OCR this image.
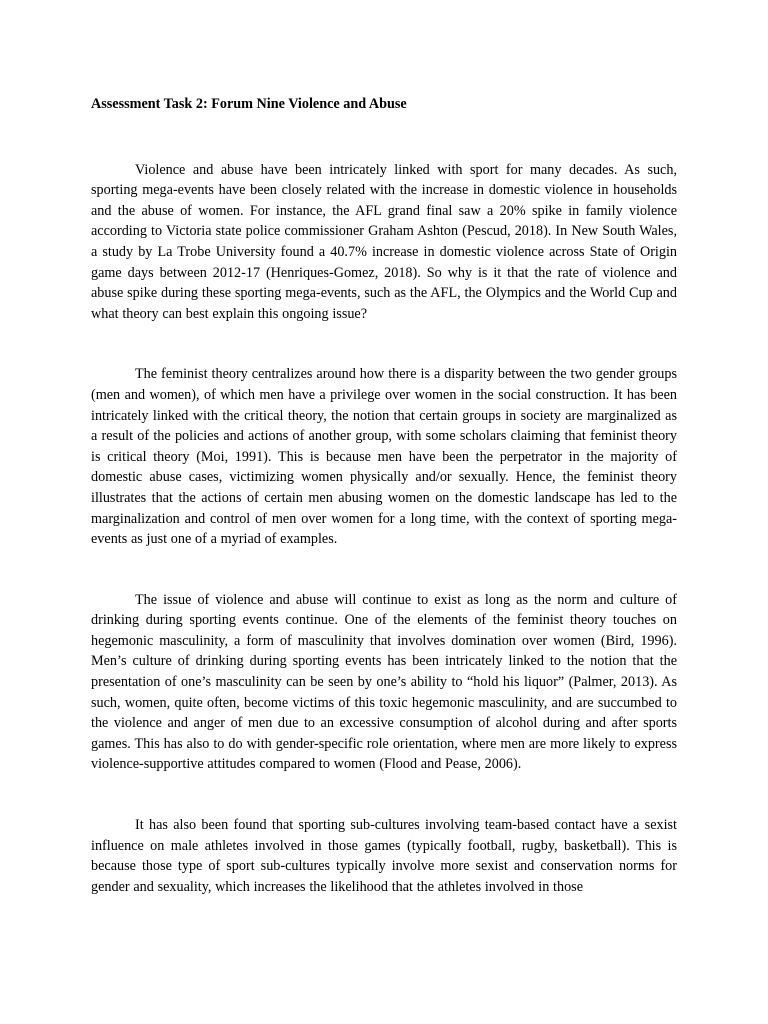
Assessment Task 2: Forum Nine Violence and Abuse

Violence and abuse have been intricately linked with sport for many decades. As such, sporting mega-events have been closely related with the increase in domestic violence in households and the abuse of women. For instance, the AFL grand final saw a 20% spike in family violence according to Victoria state police commissioner Graham Ashton (Pescud, 2018). In New South Wales, a study by La Trobe University found a 40.7% increase in domestic violence across State of Origin game days between 2012-17 (Henriques-Gomez, 2018). So why is it that the rate of violence and abuse spike during these sporting mega-events, such as the AFL, the Olympics and the World Cup and what theory can best explain this ongoing issue?

The feminist theory centralizes around how there is a disparity between the two gender groups (men and women), of which men have a privilege over women in the social construction. It has been intricately linked with the critical theory, the notion that certain groups in society are marginalized as a result of the policies and actions of another group, with some scholars claiming that feminist theory is critical theory (Moi, 1991). This is because men have been the perpetrator in the majority of domestic abuse cases, victimizing women physically and/or sexually. Hence, the feminist theory illustrates that the actions of certain men abusing women on the domestic landscape has led to the marginalization and control of men over women for a long time, with the context of sporting mega-events as just one of a myriad of examples.

The issue of violence and abuse will continue to exist as long as the norm and culture of drinking during sporting events continue. One of the elements of the feminist theory touches on hegemonic masculinity, a form of masculinity that involves domination over women (Bird, 1996). Men’s culture of drinking during sporting events has been intricately linked to the notion that the presentation of one’s masculinity can be seen by one’s ability to “hold his liquor” (Palmer, 2013). As such, women, quite often, become victims of this toxic hegemonic masculinity, and are succumbed to the violence and anger of men due to an excessive consumption of alcohol during and after sports games. This has also to do with gender-specific role orientation, where men are more likely to express violence-supportive attitudes compared to women (Flood and Pease, 2006).

It has also been found that sporting sub-cultures involving team-based contact have a sexist influence on male athletes involved in those games (typically football, rugby, basketball). This is because those type of sport sub-cultures typically involve more sexist and conservation norms for gender and sexuality, which increases the likelihood that the athletes involved in those
